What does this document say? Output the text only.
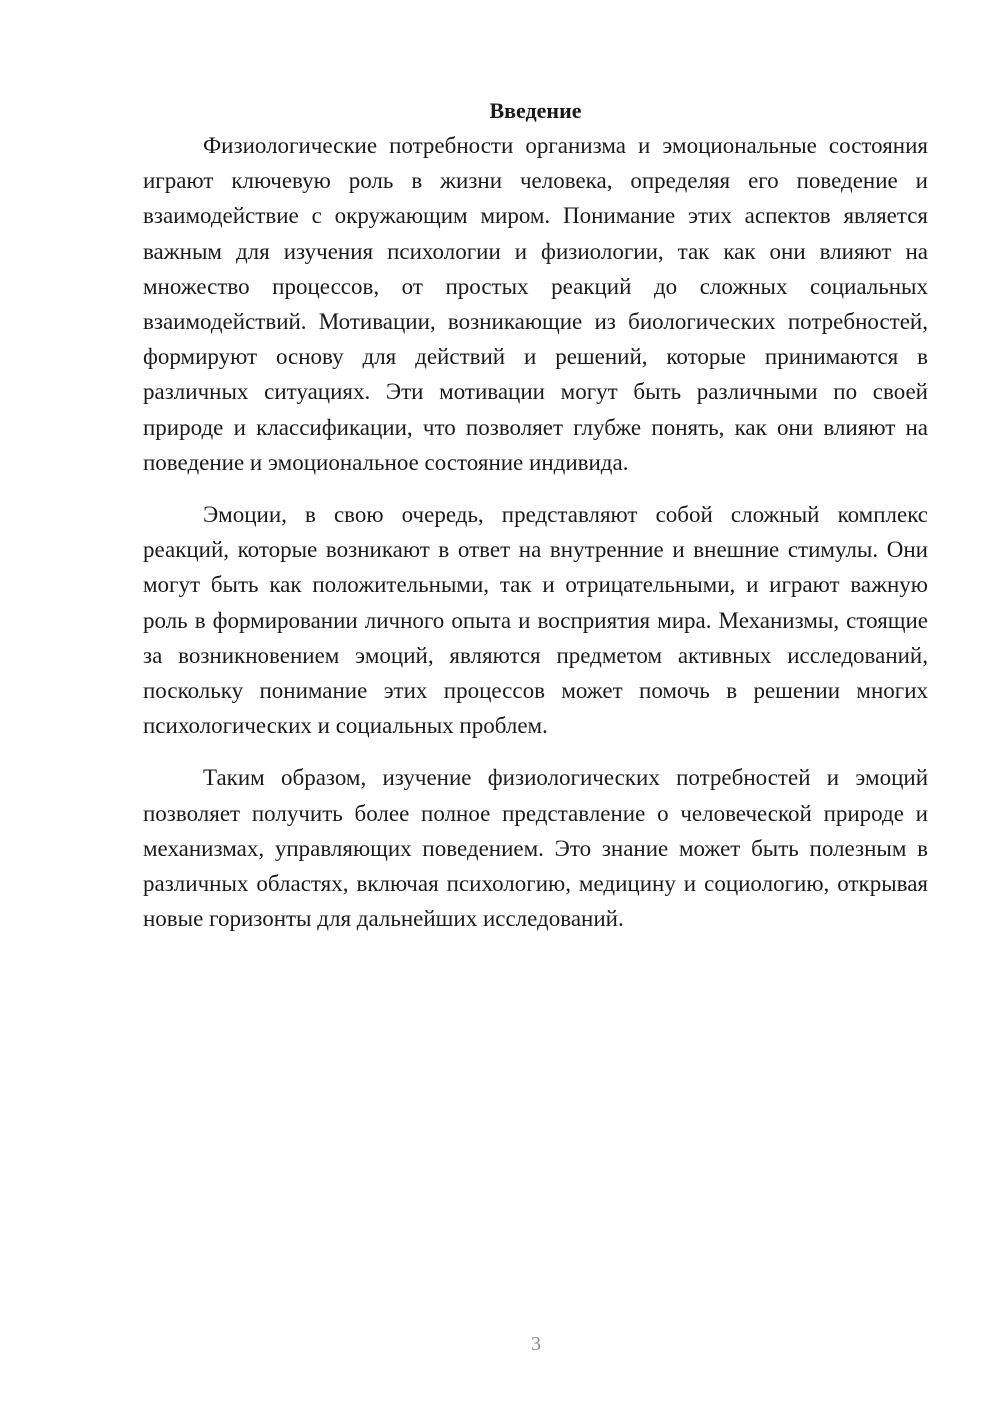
Введение

Физиологические потребности организма и эмоциональные состояния играют ключевую роль в жизни человека, определяя его поведение и взаимодействие с окружающим миром. Понимание этих аспектов является важным для изучения психологии и физиологии, так как они влияют на множество процессов, от простых реакций до сложных социальных взаимодействий. Мотивации, возникающие из биологических потребностей, формируют основу для действий и решений, которые принимаются в различных ситуациях. Эти мотивации могут быть различными по своей природе и классификации, что позволяет глубже понять, как они влияют на поведение и эмоциональное состояние индивида.

Эмоции, в свою очередь, представляют собой сложный комплекс реакций, которые возникают в ответ на внутренние и внешние стимулы. Они могут быть как положительными, так и отрицательными, и играют важную роль в формировании личного опыта и восприятия мира. Механизмы, стоящие за возникновением эмоций, являются предметом активных исследований, поскольку понимание этих процессов может помочь в решении многих психологических и социальных проблем.

Таким образом, изучение физиологических потребностей и эмоций позволяет получить более полное представление о человеческой природе и механизмах, управляющих поведением. Это знание может быть полезным в различных областях, включая психологию, медицину и социологию, открывая новые горизонты для дальнейших исследований.

3
